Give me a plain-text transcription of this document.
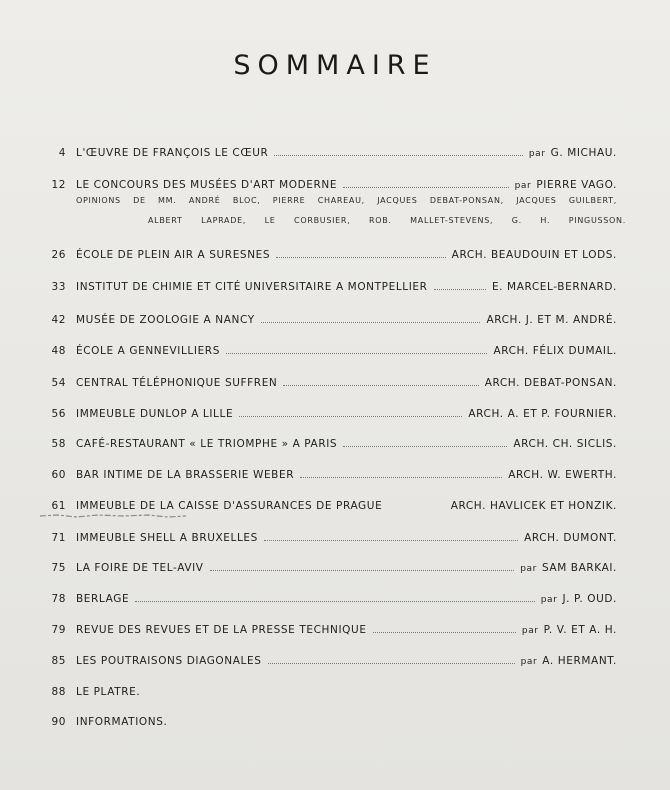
SOMMAIRE
4 L'ŒUVRE DE FRANÇOIS LE CŒUR	par G. MICHAU.
12 LE CONCOURS DES MUSÉES D'ART MODERNE	par PIERRE VAGO.
OPINIONS DE MM. ANDRÉ BLOC, PIERRE CHAREAU, JACQUES DEBAT-PONSAN, JACQUES GUILBERT,
ALBERT LAPRADE, LE CORBUSIER, ROB. MALLET-STEVENS, G. H. PINGUSSON.
26 ÉCOLE DE PLEIN AIR A SURESNES	ARCH. BEAUDOUIN ET LODS.
33 INSTITUT DE CHIMIE ET CITÉ UNIVERSITAIRE A MONTPELLIER	E. MARCEL-BERNARD.
42 MUSÉE DE ZOOLOGIE A NANCY	ARCH. J. ET M. ANDRÉ.
48 ÉCOLE A GENNEVILLIERS	ARCH. FÉLIX DUMAIL.
54 CENTRAL TÉLÉPHONIQUE SUFFREN	ARCH. DEBAT-PONSAN.
56 IMMEUBLE DUNLOP A LILLE	ARCH. A. ET P. FOURNIER.
58 CAFÉ-RESTAURANT « LE TRIOMPHE » A PARIS	ARCH. CH. SICLIS.
60 BAR INTIME DE LA BRASSERIE WEBER	ARCH. W. EWERTH.
61 IMMEUBLE DE LA CAISSE D'ASSURANCES DE PRAGUE	ARCH. HAVLICEK ET HONZIK.
71 IMMEUBLE SHELL A BRUXELLES	ARCH. DUMONT.
75 LA FOIRE DE TEL-AVIV	par SAM BARKAI.
78 BERLAGE	par J. P. OUD.
79 REVUE DES REVUES ET DE LA PRESSE TECHNIQUE	par P. V. ET A. H.
85 LES POUTRAISONS DIAGONALES	par A. HERMANT.
88 LE PLATRE.
90 INFORMATIONS.
